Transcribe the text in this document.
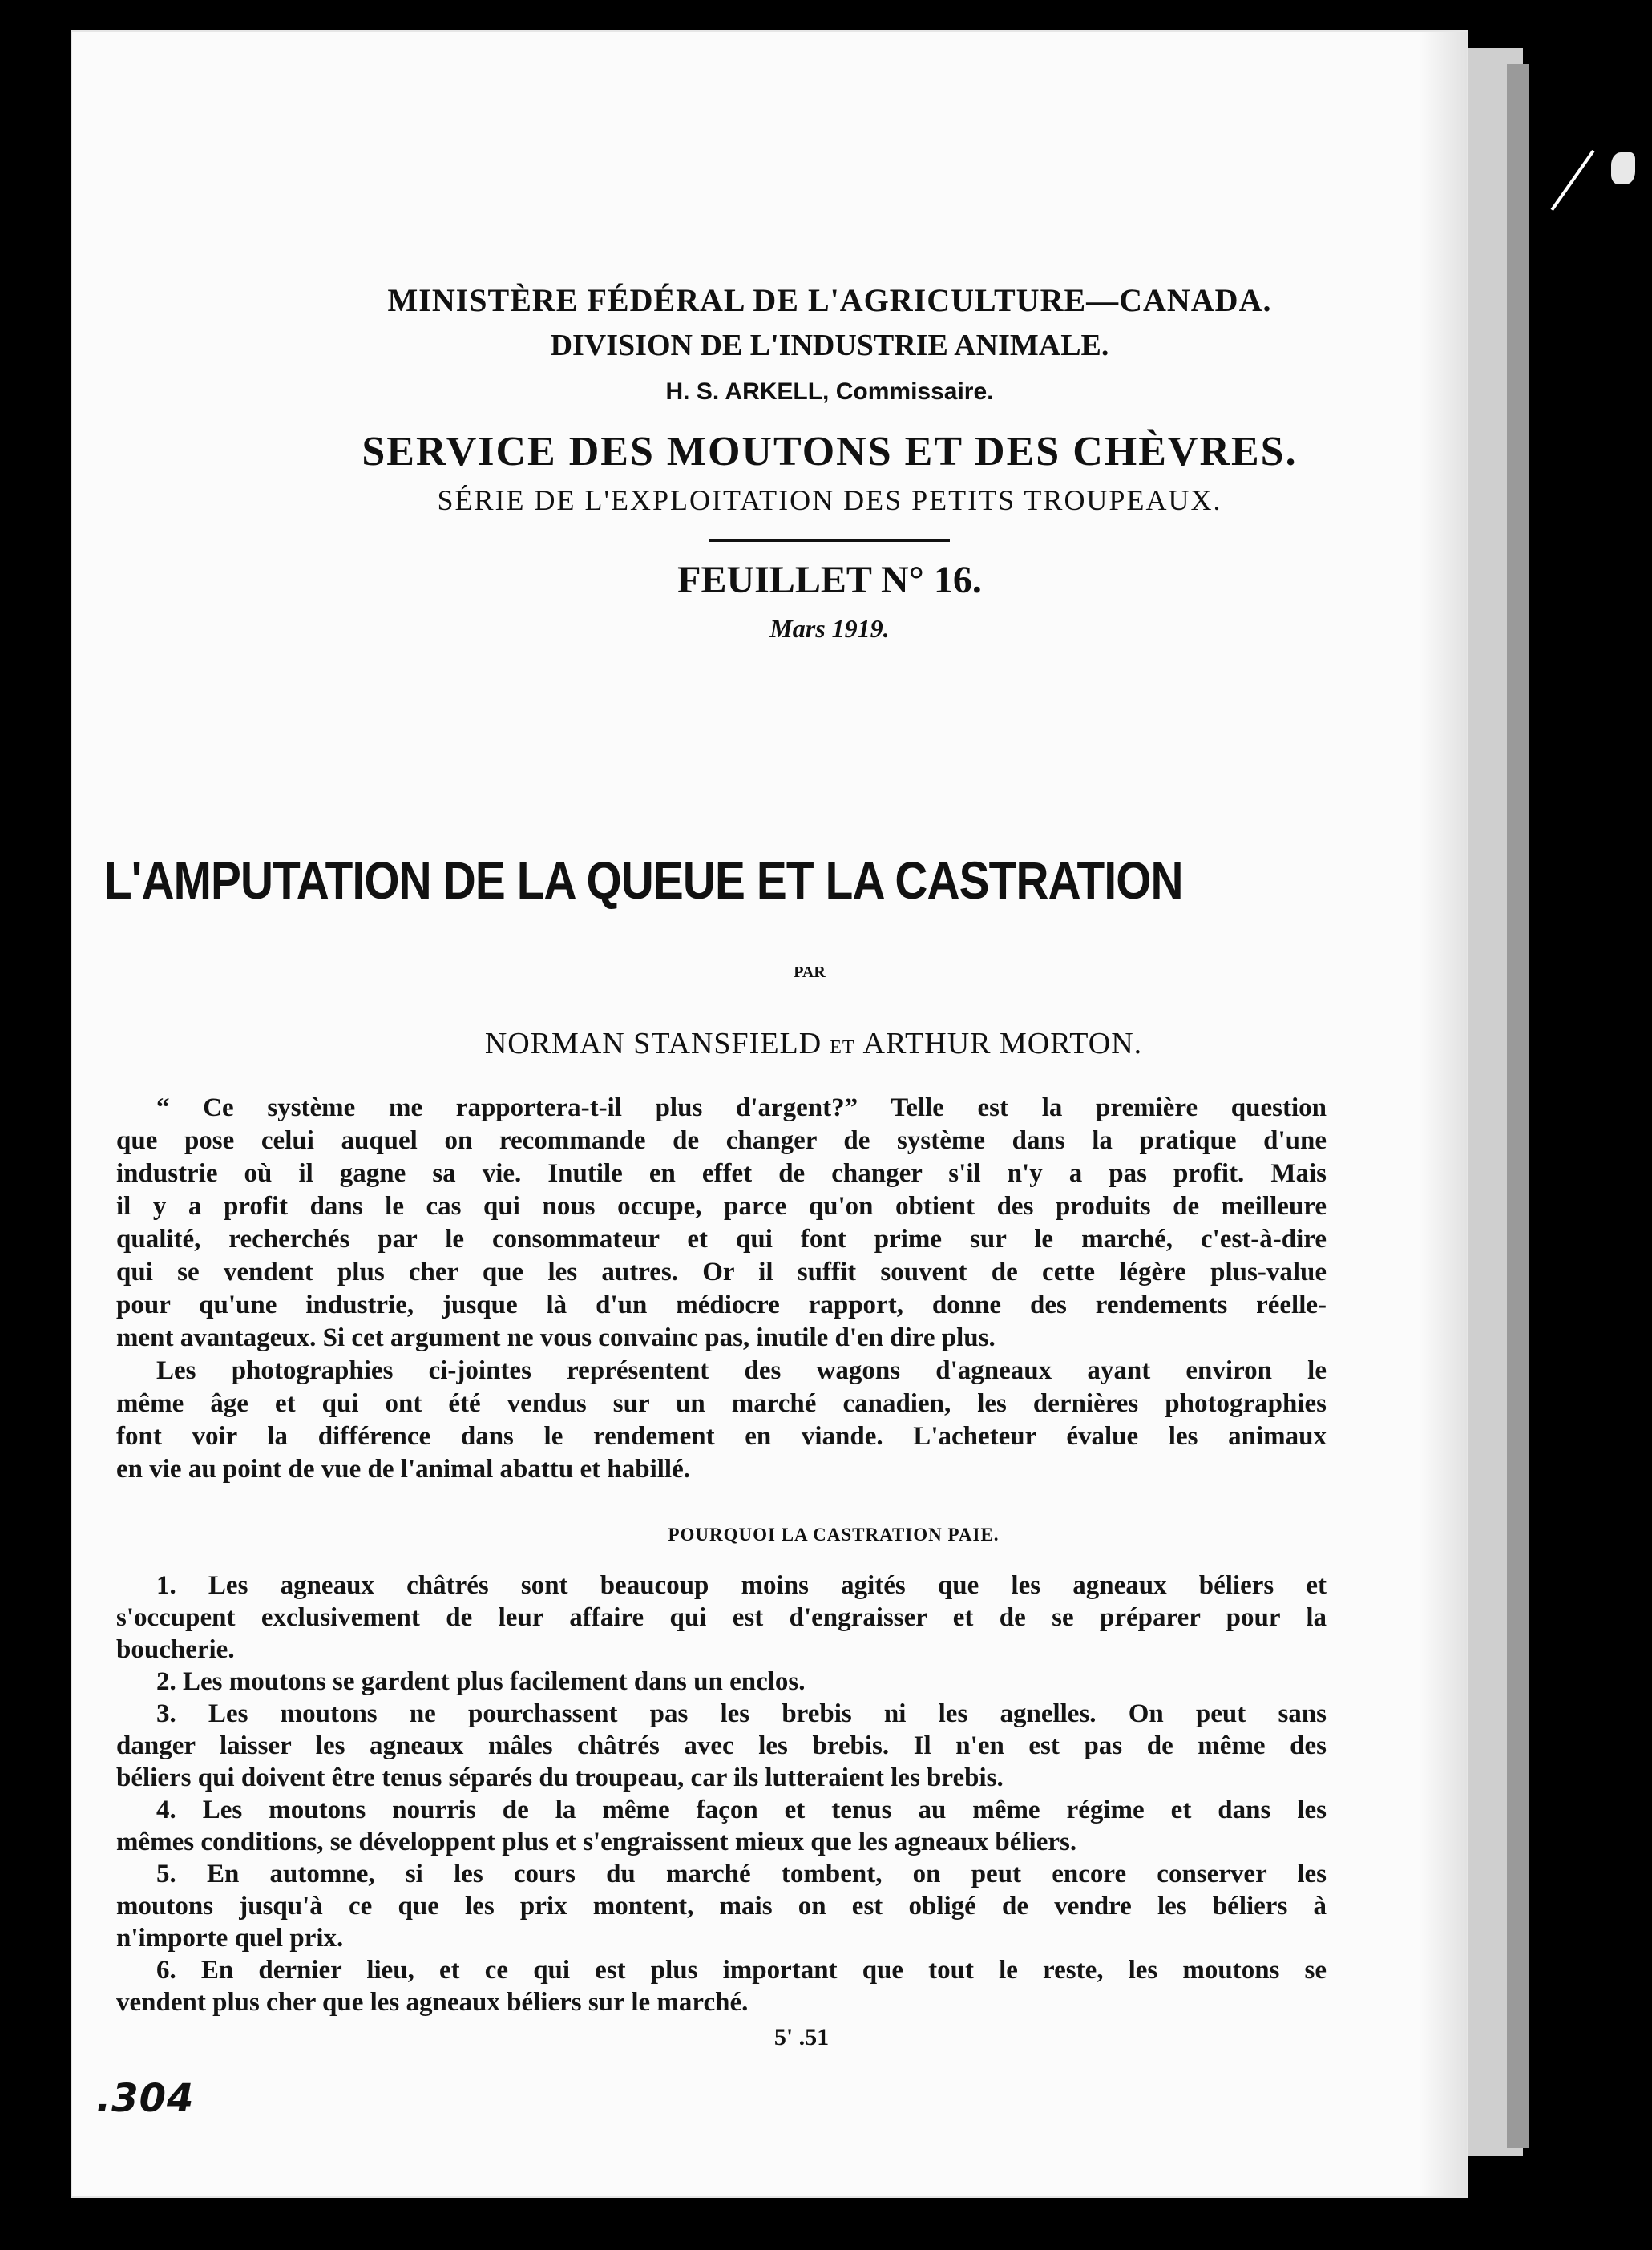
MINISTÈRE FÉDÉRAL DE L'AGRICULTURE—CANADA.

DIVISION DE L'INDUSTRIE ANIMALE.

H. S. ARKELL, Commissaire.

SERVICE DES MOUTONS ET DES CHÈVRES.

SÉRIE DE L'EXPLOITATION DES PETITS TROUPEAUX.

FEUILLET N° 16.

Mars 1919.

L'AMPUTATION DE LA QUEUE ET LA CASTRATION
PAR
NORMAN STANSFIELD ET ARTHUR MORTON.
“ Ce système me rapportera-t-il plus d'argent?” Telle est la première question
que pose celui auquel on recommande de changer de système dans la pratique d'une
industrie où il gagne sa vie. Inutile en effet de changer s'il n'y a pas profit. Mais
il y a profit dans le cas qui nous occupe, parce qu'on obtient des produits de meilleure
qualité, recherchés par le consommateur et qui font prime sur le marché, c'est-à-dire
qui se vendent plus cher que les autres. Or il suffit souvent de cette légère plus-value
pour qu'une industrie, jusque là d'un médiocre rapport, donne des rendements réelle-
ment avantageux. Si cet argument ne vous convainc pas, inutile d'en dire plus.
Les photographies ci-jointes représentent des wagons d'agneaux ayant environ le
même âge et qui ont été vendus sur un marché canadien, les dernières photographies
font voir la différence dans le rendement en viande. L'acheteur évalue les animaux
en vie au point de vue de l'animal abattu et habillé.
POURQUOI LA CASTRATION PAIE.
1. Les agneaux châtrés sont beaucoup moins agités que les agneaux béliers et
s'occupent exclusivement de leur affaire qui est d'engraisser et de se préparer pour la
boucherie.
2. Les moutons se gardent plus facilement dans un enclos.
3. Les moutons ne pourchassent pas les brebis ni les agnelles. On peut sans
danger laisser les agneaux mâles châtrés avec les brebis. Il n'en est pas de même des
béliers qui doivent être tenus séparés du troupeau, car ils lutteraient les brebis.
4. Les moutons nourris de la même façon et tenus au même régime et dans les
mêmes conditions, se développent plus et s'engraissent mieux que les agneaux béliers.
5. En automne, si les cours du marché tombent, on peut encore conserver les
moutons jusqu'à ce que les prix montent, mais on est obligé de vendre les béliers à
n'importe quel prix.
6. En dernier lieu, et ce qui est plus important que tout le reste, les moutons se
vendent plus cher que les agneaux béliers sur le marché.
5' .51
.304
